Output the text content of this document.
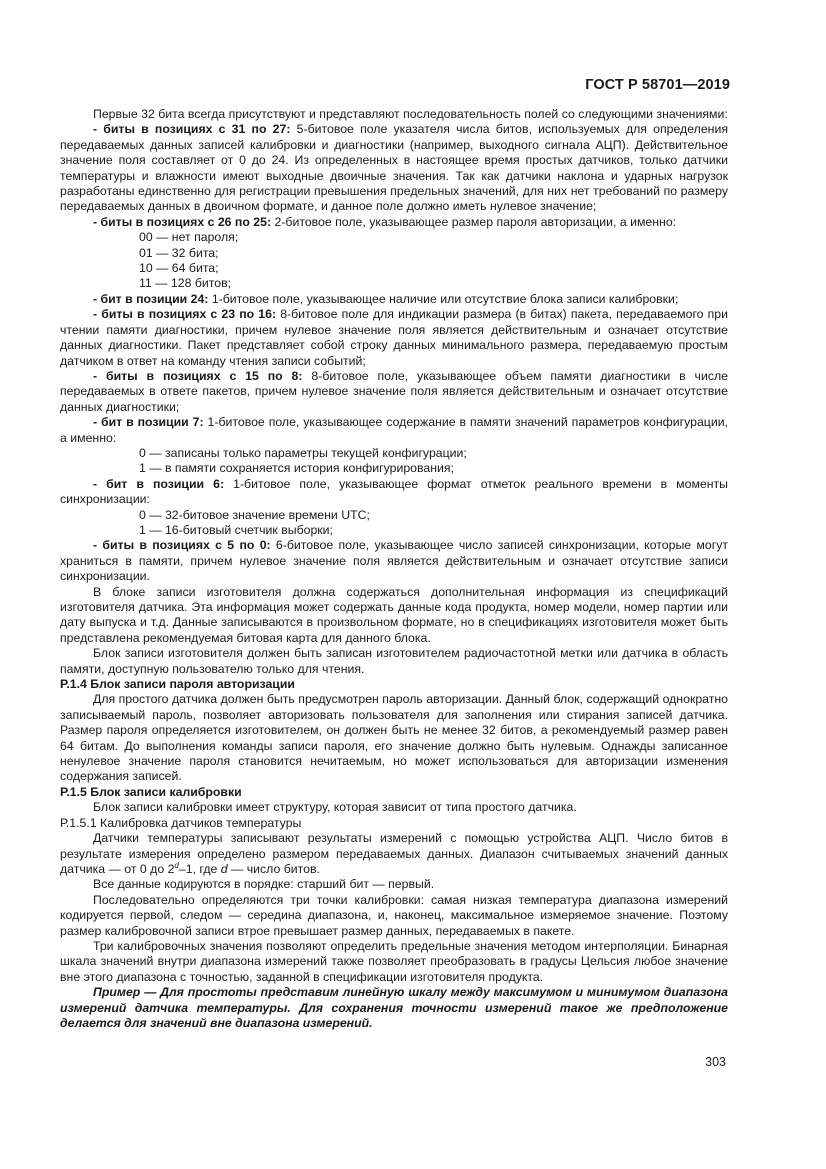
ГОСТ Р 58701—2019

Первые 32 бита всегда присутствуют и представляют последовательность полей со следующими значениями:

- биты в позициях с 31 по 27: 5-битовое поле указателя числа битов, используемых для определения передаваемых данных записей калибровки и диагностики (например, выходного сигнала АЦП). Действительное значение поля составляет от 0 до 24. Из определенных в настоящее время простых датчиков, только датчики температуры и влажности имеют выходные двоичные значения. Так как датчики наклона и ударных нагрузок разработаны единственно для регистрации превышения предельных значений, для них нет требований по размеру передаваемых данных в двоичном формате, и данное поле должно иметь нулевое значение;

- биты в позициях с 26 по 25: 2-битовое поле, указывающее размер пароля авторизации, а именно:

00 — нет пароля;

01 — 32 бита;

10 — 64 бита;

11 — 128 битов;

- бит в позиции 24: 1-битовое поле, указывающее наличие или отсутствие блока записи калибровки;

- биты в позициях с 23 по 16: 8-битовое поле для индикации размера (в битах) пакета, передаваемого при чтении памяти диагностики, причем нулевое значение поля является действительным и означает отсутствие данных диагностики. Пакет представляет собой строку данных минимального размера, передаваемую простым датчиком в ответ на команду чтения записи событий;

- биты в позициях с 15 по 8: 8-битовое поле, указывающее объем памяти диагностики в числе передаваемых в ответе пакетов, причем нулевое значение поля является действительным и означает отсутствие данных диагностики;

- бит в позиции 7: 1-битовое поле, указывающее содержание в памяти значений параметров конфигурации, а именно:

0 — записаны только параметры текущей конфигурации;

1 — в памяти сохраняется история конфигурирования;

- бит в позиции 6: 1-битовое поле, указывающее формат отметок реального времени в моменты синхронизации:

0 — 32-битовое значение времени UTC;

1 — 16-битовый счетчик выборки;

- биты в позициях с 5 по 0: 6-битовое поле, указывающее число записей синхронизации, которые могут храниться в памяти, причем нулевое значение поля является действительным и означает отсутствие записи синхронизации.

В блоке записи изготовителя должна содержаться дополнительная информация из спецификаций изготовителя датчика. Эта информация может содержать данные кода продукта, номер модели, номер партии или дату выпуска и т.д. Данные записываются в произвольном формате, но в спецификациях изготовителя может быть представлена рекомендуемая битовая карта для данного блока.

Блок записи изготовителя должен быть записан изготовителем радиочастотной метки или датчика в область памяти, доступную пользователю только для чтения.

Р.1.4 Блок записи пароля авторизации

Для простого датчика должен быть предусмотрен пароль авторизации. Данный блок, содержащий однократно записываемый пароль, позволяет авторизовать пользователя для заполнения или стирания записей датчика. Размер пароля определяется изготовителем, он должен быть не менее 32 битов, а рекомендуемый размер равен 64 битам. До выполнения команды записи пароля, его значение должно быть нулевым. Однажды записанное ненулевое значение пароля становится нечитаемым, но может использоваться для авторизации изменения содержания записей.

Р.1.5 Блок записи калибровки

Блок записи калибровки имеет структуру, которая зависит от типа простого датчика.

Р.1.5.1 Калибровка датчиков температуры

Датчики температуры записывают результаты измерений с помощью устройства АЦП. Число битов в результате измерения определено размером передаваемых данных. Диапазон считываемых значений данных датчика — от 0 до 2$^d$–1, где d — число битов.

Все данные кодируются в порядке: старший бит — первый.

Последовательно определяются три точки калибровки: самая низкая температура диапазона измерений кодируется первой, следом — середина диапазона, и, наконец, максимальное измеряемое значение. Поэтому размер калибровочной записи втрое превышает размер данных, передаваемых в пакете.

Три калибровочных значения позволяют определить предельные значения методом интерполяции. Бинарная шкала значений внутри диапазона измерений также позволяет преобразовать в градусы Цельсия любое значение вне этого диапазона с точностью, заданной в спецификации изготовителя продукта.

Пример — Для простоты представим линейную шкалу между максимумом и минимумом диапазона измерений датчика температуры. Для сохранения точности измерений такое же предположение делается для значений вне диапазона измерений.

303
